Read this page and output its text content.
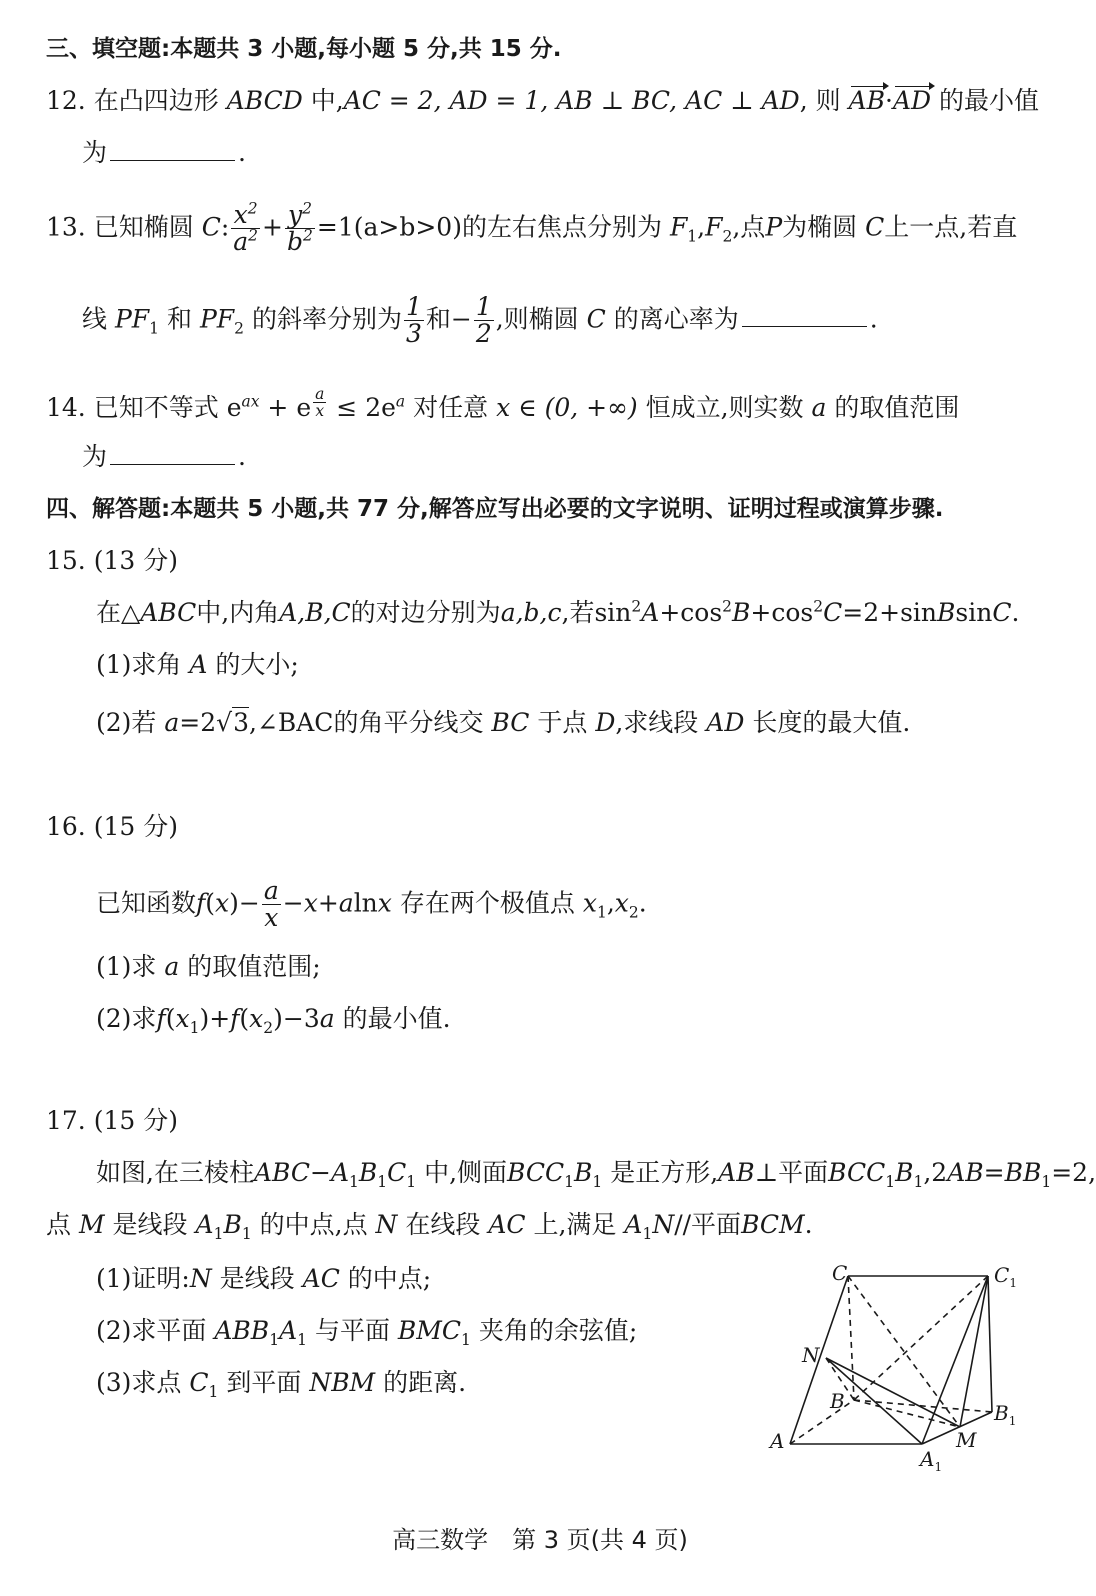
三、填空题:本题共 3 小题,每小题 5 分,共 15 分.
12. 在凸四边形 ABCD 中,AC = 2, AD = 1, AB ⊥ BC, AC ⊥ AD, 则 AB·AD 的最小值
为	.
13. 已知椭圆 C: $\frac{x^2}{a^2} + \frac{y^2}{b^2} =1(a>b>0)$的左右焦点分别为 $F_1,F_2$,点P为椭圆 C上一点,若直
线 $PF_1$ 和 $PF_2$ 的斜率分别为 $\frac{1}{3}$ 和− $\frac{1}{2}$ ,则椭圆 C 的离心率为	.
14. 已知不等式 $e^{ax} + e$ $^{\frac{a}{x}} \le 2e^a$ 对任意 x ∈ (0, +∞) 恒成立,则实数 a 的取值范围
为	.
四、解答题:本题共 5 小题,共 77 分,解答应写出必要的文字说明、证明过程或演算步骤.
15. (13 分)
在△ABC中,内角A,B,C的对边分别为a,b,c,若$\sin^2A+\cos^2B+\cos^2C=2+sinBsinC$.
(1)求角 A 的大小;
(2)若 a=2√3,∠BAC的角平分线交 BC 于点 D,求线段 AD 长度的最大值.
16. (15 分)
已知函数$f(x)- \frac{a}{x} -x+alnx$ 存在两个极值点 $x_1,x_2$.
(1)求 a 的取值范围;
(2)求$f(x_1)+f(x_2)-3a$ 的最小值.
17. (15 分)
如图,在三棱柱$ABC-A_1B_1C_1$ 中,侧面$BCC_1B_1$ 是正方形,AB⊥平面$BCC_1B_1,2AB=BB_1=2$,
点 M 是线段 $A_1B_1$ 的中点,点 N 在线段 AC 上,满足 $A_1N//$平面BCM.
(1)证明:N 是线段 AC 的中点;
(2)求平面 $ABB_1A_1$ 与平面 $BMC_1$ 夹角的余弦值;
(3)求点 $C_1$ 到平面 NBM 的距离.
C	$C_1$
N
B	$B_1$
A	M
$A_1$
高三数学　第 3 页(共 4 页)
